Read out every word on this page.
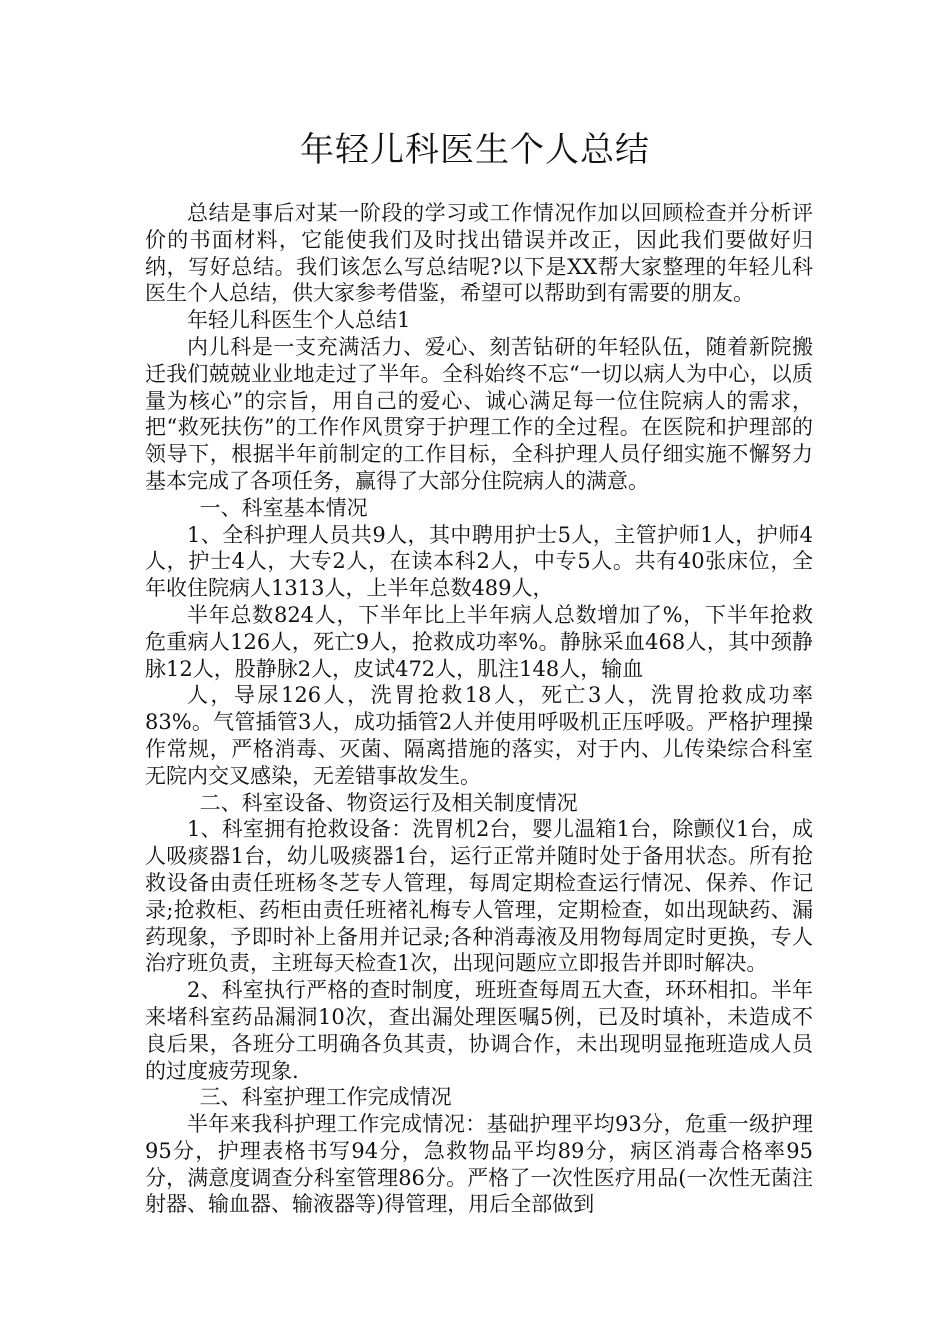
年轻儿科医生个人总结

总结是事后对某一阶段的学习或工作情况作加以回顾检查并分析评价的书面材料，它能使我们及时找出错误并改正，因此我们要做好归纳，写好总结。我们该怎么写总结呢?以下是XX帮大家整理的年轻儿科医生个人总结，供大家参考借鉴，希望可以帮助到有需要的朋友。

年轻儿科医生个人总结1

内儿科是一支充满活力、爱心、刻苦钻研的年轻队伍，随着新院搬迁我们兢兢业业地走过了半年。全科始终不忘“一切以病人为中心，以质量为核心”的宗旨，用自己的爱心、诚心满足每一位住院病人的需求，把“救死扶伤”的工作作风贯穿于护理工作的全过程。在医院和护理部的领导下，根据半年前制定的工作目标，全科护理人员仔细实施不懈努力基本完成了各项任务，赢得了大部分住院病人的满意。

一、科室基本情况

1、全科护理人员共9人，其中聘用护士5人，主管护师1人，护师4人，护士4人，大专2人，在读本科2人，中专5人。共有40张床位，全年收住院病人1313人，上半年总数489人，

半年总数824人，下半年比上半年病人总数增加了%，下半年抢救危重病人126人，死亡9人，抢救成功率%。静脉采血468人，其中颈静脉12人，股静脉2人，皮试472人，肌注148人，输血

人，导尿126人，洗胃抢救18人，死亡3人，洗胃抢救成功率83%。气管插管3人，成功插管2人并使用呼吸机正压呼吸。严格护理操作常规，严格消毒、灭菌、隔离措施的落实，对于内、儿传染综合科室无院内交叉感染，无差错事故发生。

二、科室设备、物资运行及相关制度情况

1、科室拥有抢救设备：洗胃机2台，婴儿温箱1台，除颤仪1台，成人吸痰器1台，幼儿吸痰器1台，运行正常并随时处于备用状态。所有抢救设备由责任班杨冬芝专人管理，每周定期检查运行情况、保养、作记录;抢救柜、药柜由责任班褚礼梅专人管理，定期检查，如出现缺药、漏药现象，予即时补上备用并记录;各种消毒液及用物每周定时更换，专人治疗班负责，主班每天检查1次，出现问题应立即报告并即时解决。

2、科室执行严格的查时制度，班班查每周五大查，环环相扣。半年来堵科室药品漏洞10次，查出漏处理医嘱5例，已及时填补，未造成不良后果，各班分工明确各负其责，协调合作，未出现明显拖班造成人员的过度疲劳现象.

三、科室护理工作完成情况

半年来我科护理工作完成情况：基础护理平均93分，危重一级护理95分，护理表格书写94分，急救物品平均89分，病区消毒合格率95分，满意度调查分科室管理86分。严格了一次性医疗用品(一次性无菌注射器、输血器、输液器等)得管理，用后全部做到
